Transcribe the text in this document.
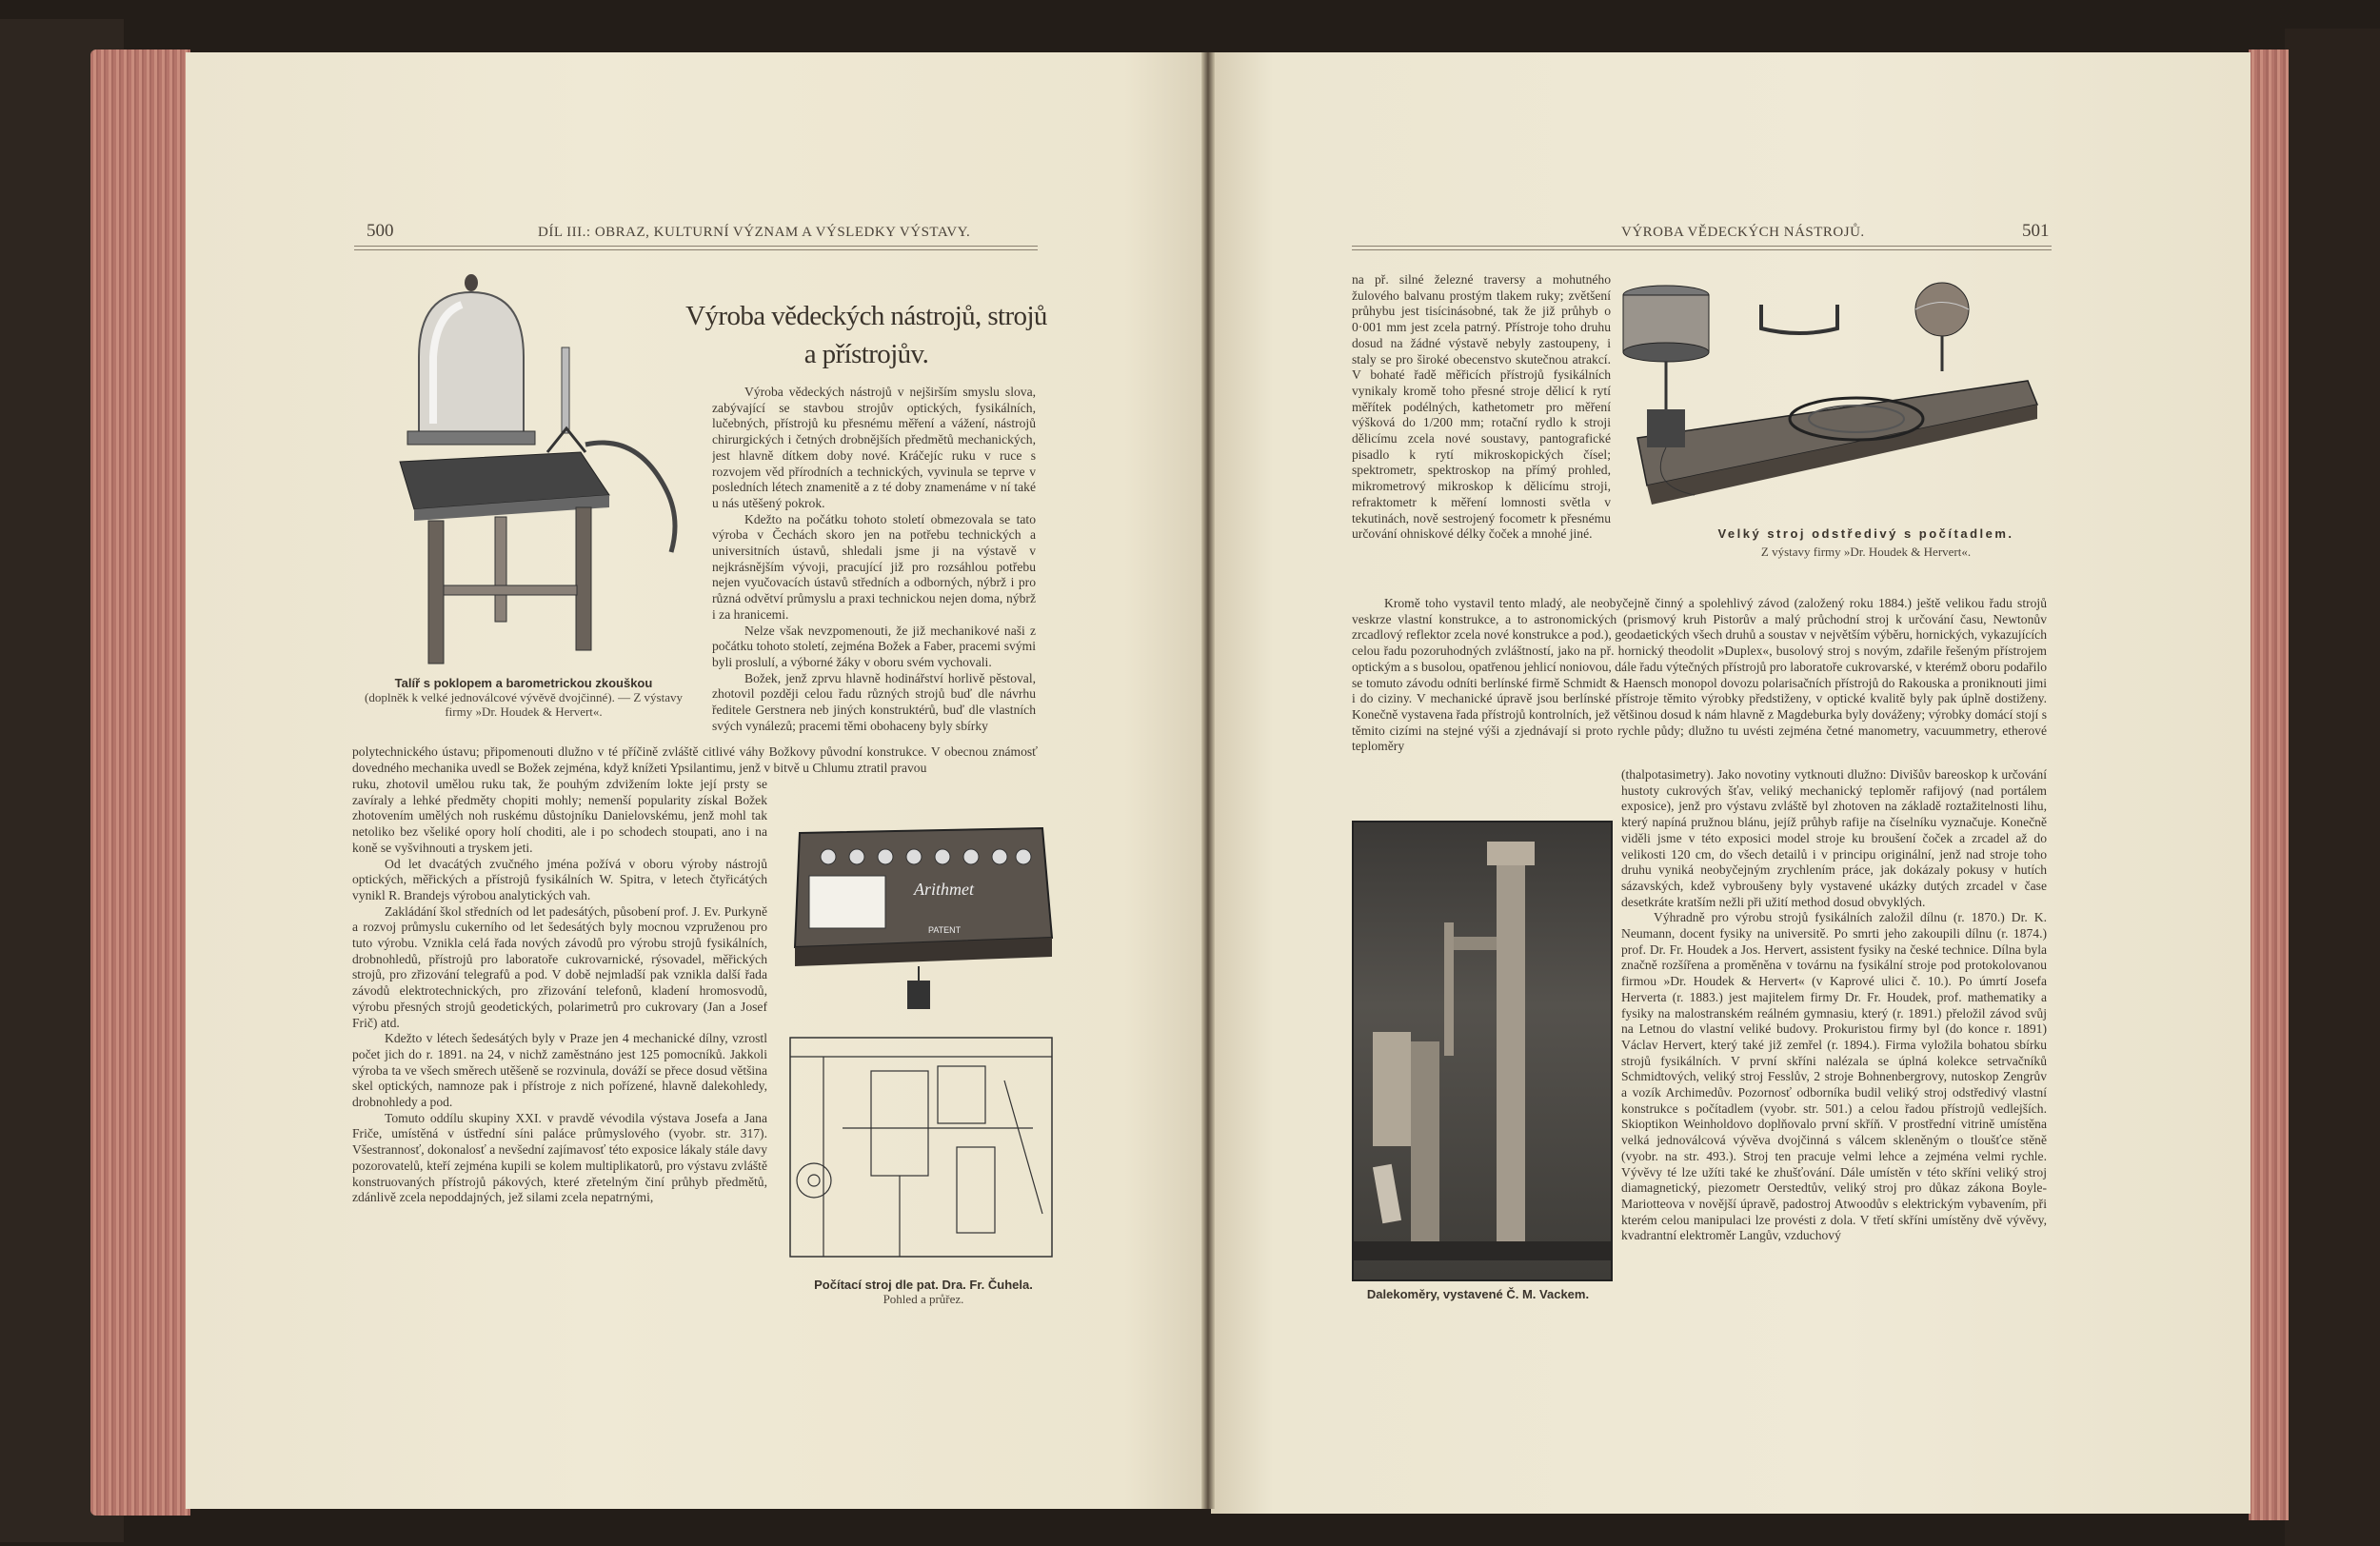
500	DÍL III.: OBRAZ, KULTURNÍ VÝZNAM A VÝSLEDKY VÝSTAVY.
Výroba vědeckých nástrojů, strojů
a přístrojův.
Talíř s poklopem a barometrickou zkouškou
(doplněk k velké jednoválcové vývěvě dvojčinné). — Z výstavy
firmy »Dr. Houdek & Hervert«.

Výroba vědeckých nástrojů v nejširším smyslu slova, zabývající se stavbou strojův optických, fysikálních, lučebných, přístrojů ku přesnému měření a vážení, nástrojů chirurgických i četných drobnějších předmětů mechanických, jest hlavně dítkem doby nové. Kráčejíc ruku v ruce s rozvojem věd přírodních a technických, vyvinula se teprve v posledních létech znamenitě a z té doby znamenáme v ní také u nás utěšený pokrok.

Kdežto na počátku tohoto století obmezovala se tato výroba v Čechách skoro jen na potřebu technických a universitních ústavů, shledali jsme ji na výstavě v nejkrásnějším vývoji, pracující již pro rozsáhlou potřebu nejen vyučovacích ústavů středních a odborných, nýbrž i pro různá odvětví průmyslu a praxi technickou nejen doma, nýbrž i za hranicemi.

Nelze však nevzpomenouti, že již mechanikové naši z počátku tohoto století, zejména Božek a Faber, pracemi svými byli proslulí, a výborné žáky v oboru svém vychovali.

Božek, jenž zprvu hlavně hodinářství horlivě pěstoval, zhotovil později celou řadu různých strojů buď dle návrhu ředitele Gerstnera neb jiných konstruktérů, buď dle vlastních svých vynálezů; pracemi těmi obohaceny byly sbírky

polytechnického ústavu; připomenouti dlužno v té příčině zvláště citlivé váhy Božkovy původní konstrukce. V obecnou známosť dovedného mechanika uvedl se Božek zejména, když knížeti Ypsilantimu, jenž v bitvě u Chlumu ztratil pravou

ruku, zhotovil umělou ruku tak, že pouhým zdvižením lokte její prsty se zavíraly a lehké předměty chopiti mohly; nemenší popularity získal Božek zhotovením umělých noh ruskému důstojníku Danielovskému, jenž mohl tak netoliko bez všeliké opory holí choditi, ale i po schodech stoupati, ano i na koně se vyšvihnouti a tryskem jeti.

Od let dvacátých zvučného jména požívá v oboru výroby nástrojů optických, měřických a přístrojů fysikálních W. Spitra, v letech čtyřicátých vynikl R. Brandejs výrobou analytických vah.

Zakládání škol středních od let padesátých, působení prof. J. Ev. Purkyně a rozvoj průmyslu cukerního od let šedesátých byly mocnou vzpruženou pro tuto výrobu. Vznikla celá řada nových závodů pro výrobu strojů fysikálních, drobnohledů, přístrojů pro laboratoře cukrovarnické, rýsovadel, měřických strojů, pro zřizování telegrafů a pod. V době nejmladší pak vznikla další řada závodů elektrotechnických, pro zřizování telefonů, kladení hromosvodů, výrobu přesných strojů geodetických, polarimetrů pro cukrovary (Jan a Josef Frič) atd.

Kdežto v létech šedesátých byly v Praze jen 4 mechanické dílny, vzrostl počet jich do r. 1891. na 24, v nichž zaměstnáno jest 125 pomocníků. Jakkoli výroba ta ve všech směrech utěšeně se rozvinula, dováží se přece dosud většina skel optických, namnoze pak i přístroje z nich pořízené, hlavně dalekohledy, drobnohledy a pod.

Tomuto oddílu skupiny XXI. v pravdě vévodila výstava Josefa a Jana Friče, umístěná v ústřední síni paláce průmyslového (vyobr. str. 317). Všestrannosť, dokonalosť a nevšední zajímavosť této exposice lákaly stále davy pozorovatelů, kteří zejména kupili se kolem multiplikatorů, pro výstavu zvláště konstruovaných přístrojů pákových, které zřetelným činí průhyb předmětů, zdánlivě zcela nepoddajných, jež silami zcela nepatrnými,

Arithmet
PATENT
Počítací stroj dle pat. Dra. Fr. Čuhela.
Pohled a průřez.
VÝROBA VĚDECKÝCH NÁSTROJŮ.	501

na př. silné železné traversy a mohutného žulového balvanu prostým tlakem ruky; zvětšení průhybu jest tisícinásobné, tak že již průhyb o 0·001 mm jest zcela patrný. Přístroje toho druhu dosud na žádné výstavě nebyly zastoupeny, i staly se pro široké obecenstvo skutečnou atrakcí. V bohaté řadě měřicích přístrojů fysikálních vynikaly kromě toho přesné stroje dělicí k rytí měřítek podélných, kathetometr pro měření výšková do 1/200 mm; rotační rydlo k stroji dělicímu zcela nové soustavy, pantografické pisadlo k rytí mikroskopických čísel; spektrometr, spektroskop na přímý prohled, mikrometrový mikroskop k dělicímu stroji, refraktometr k měření lomnosti světla v tekutinách, nově sestrojený focometr k přesnému určování ohniskové délky čoček a mnohé jiné.	Velký stroj odstředivý s počítadlem.
Z výstavy firmy »Dr. Houdek & Hervert«.

Kromě toho vystavil tento mladý, ale neobyčejně činný a spolehlivý závod (založený roku 1884.) ještě velikou řadu strojů veskrze vlastní konstrukce, a to astronomických (prismový kruh Pistorův a malý průchodní stroj k určování času, Newtonův zrcadlový reflektor zcela nové konstrukce a pod.), geodaetických všech druhů a soustav v největším výběru, hornických, vykazujících celou řadu pozoruhodných zvláštností, jako na př. hornický theodolit »Duplex«, busolový stroj s novým, zdařile řešeným přístrojem optickým a s busolou, opatřenou jehlicí noniovou, dále řadu výtečných přístrojů pro laboratoře cukrovarské, v kterémž oboru podařilo se tomuto závodu odníti berlínské firmě Schmidt & Haensch monopol dovozu polarisačních přístrojů do Rakouska a proniknouti jimi i do ciziny. V mechanické úpravě jsou berlínské přístroje těmito výrobky předstiženy, v optické kvalitě byly pak úplně dostiženy. Konečně vystavena řada přístrojů kontrolních, jež většinou dosud k nám hlavně z Magdeburka byly dováženy; výrobky domácí stojí s těmito cizími na stejné výši a zjednávají si proto rychle půdy; dlužno tu uvésti zejména četné manometry, vacuummetry, etherové teploměry

Dalekoměry, vystavené Č. M. Vackem.

(thalpotasimetry). Jako novotiny vytknouti dlužno: Divišův bareoskop k určování hustoty cukrových šťav, veliký mechanický teploměr rafijový (nad portálem exposice), jenž pro výstavu zvláště byl zhotoven na základě roztažitelnosti lihu, který napíná pružnou blánu, jejíž průhyb rafije na číselníku vyznačuje. Konečně viděli jsme v této exposici model stroje ku broušení čoček a zrcadel až do velikosti 120 cm, do všech detailů i v principu originální, jenž nad stroje toho druhu vyniká neobyčejným zrychlením práce, jak dokázaly pokusy v hutích sázavských, kdež vybroušeny byly vystavené ukázky dutých zrcadel v čase desetkráte kratším nežli při užití method dosud obvyklých.

Výhradně pro výrobu strojů fysikálních založil dílnu (r. 1870.) Dr. K. Neumann, docent fysiky na universitě. Po smrti jeho zakoupili dílnu (r. 1874.) prof. Dr. Fr. Houdek a Jos. Hervert, assistent fysiky na české technice. Dílna byla značně rozšířena a proměněna v továrnu na fysikální stroje pod protokolovanou firmou »Dr. Houdek & Hervert« (v Kaprové ulici č. 10.). Po úmrtí Josefa Herverta (r. 1883.) jest majitelem firmy Dr. Fr. Houdek, prof. mathematiky a fysiky na malostranském reálném gymnasiu, který (r. 1891.) přeložil závod svůj na Letnou do vlastní veliké budovy. Prokuristou firmy byl (do konce r. 1891) Václav Hervert, který také již zemřel (r. 1894.). Firma vyložila bohatou sbírku strojů fysikálních. V první skříni nalézala se úplná kolekce setrvačníků Schmidtových, veliký stroj Fesslův, 2 stroje Bohnenbergrovy, nutoskop Zengrův a vozík Archimedův. Pozornosť odborníka budil veliký stroj odstředivý vlastní konstrukce s počítadlem (vyobr. str. 501.) a celou řadou přístrojů vedlejších. Skioptikon Weinholdovo doplňovalo první skříň. V prostřední vitrině umístěna velká jednoválcová vývěva dvojčinná s válcem skleněným o tloušťce stěně (vyobr. na str. 493.). Stroj ten pracuje velmi lehce a zejména velmi rychle. Vývěvy té lze užíti také ke zhušťování. Dále umístěn v této skříni veliký stroj diamagnetický, piezometr Oerstedtův, veliký stroj pro důkaz zákona Boyle-Mariotteova v novější úpravě, padostroj Atwoodův s elektrickým vybavením, při kterém celou manipulaci lze provésti z dola. V třetí skříni umístěny dvě vývěvy, kvadrantní elektroměr Langův, vzduchový
